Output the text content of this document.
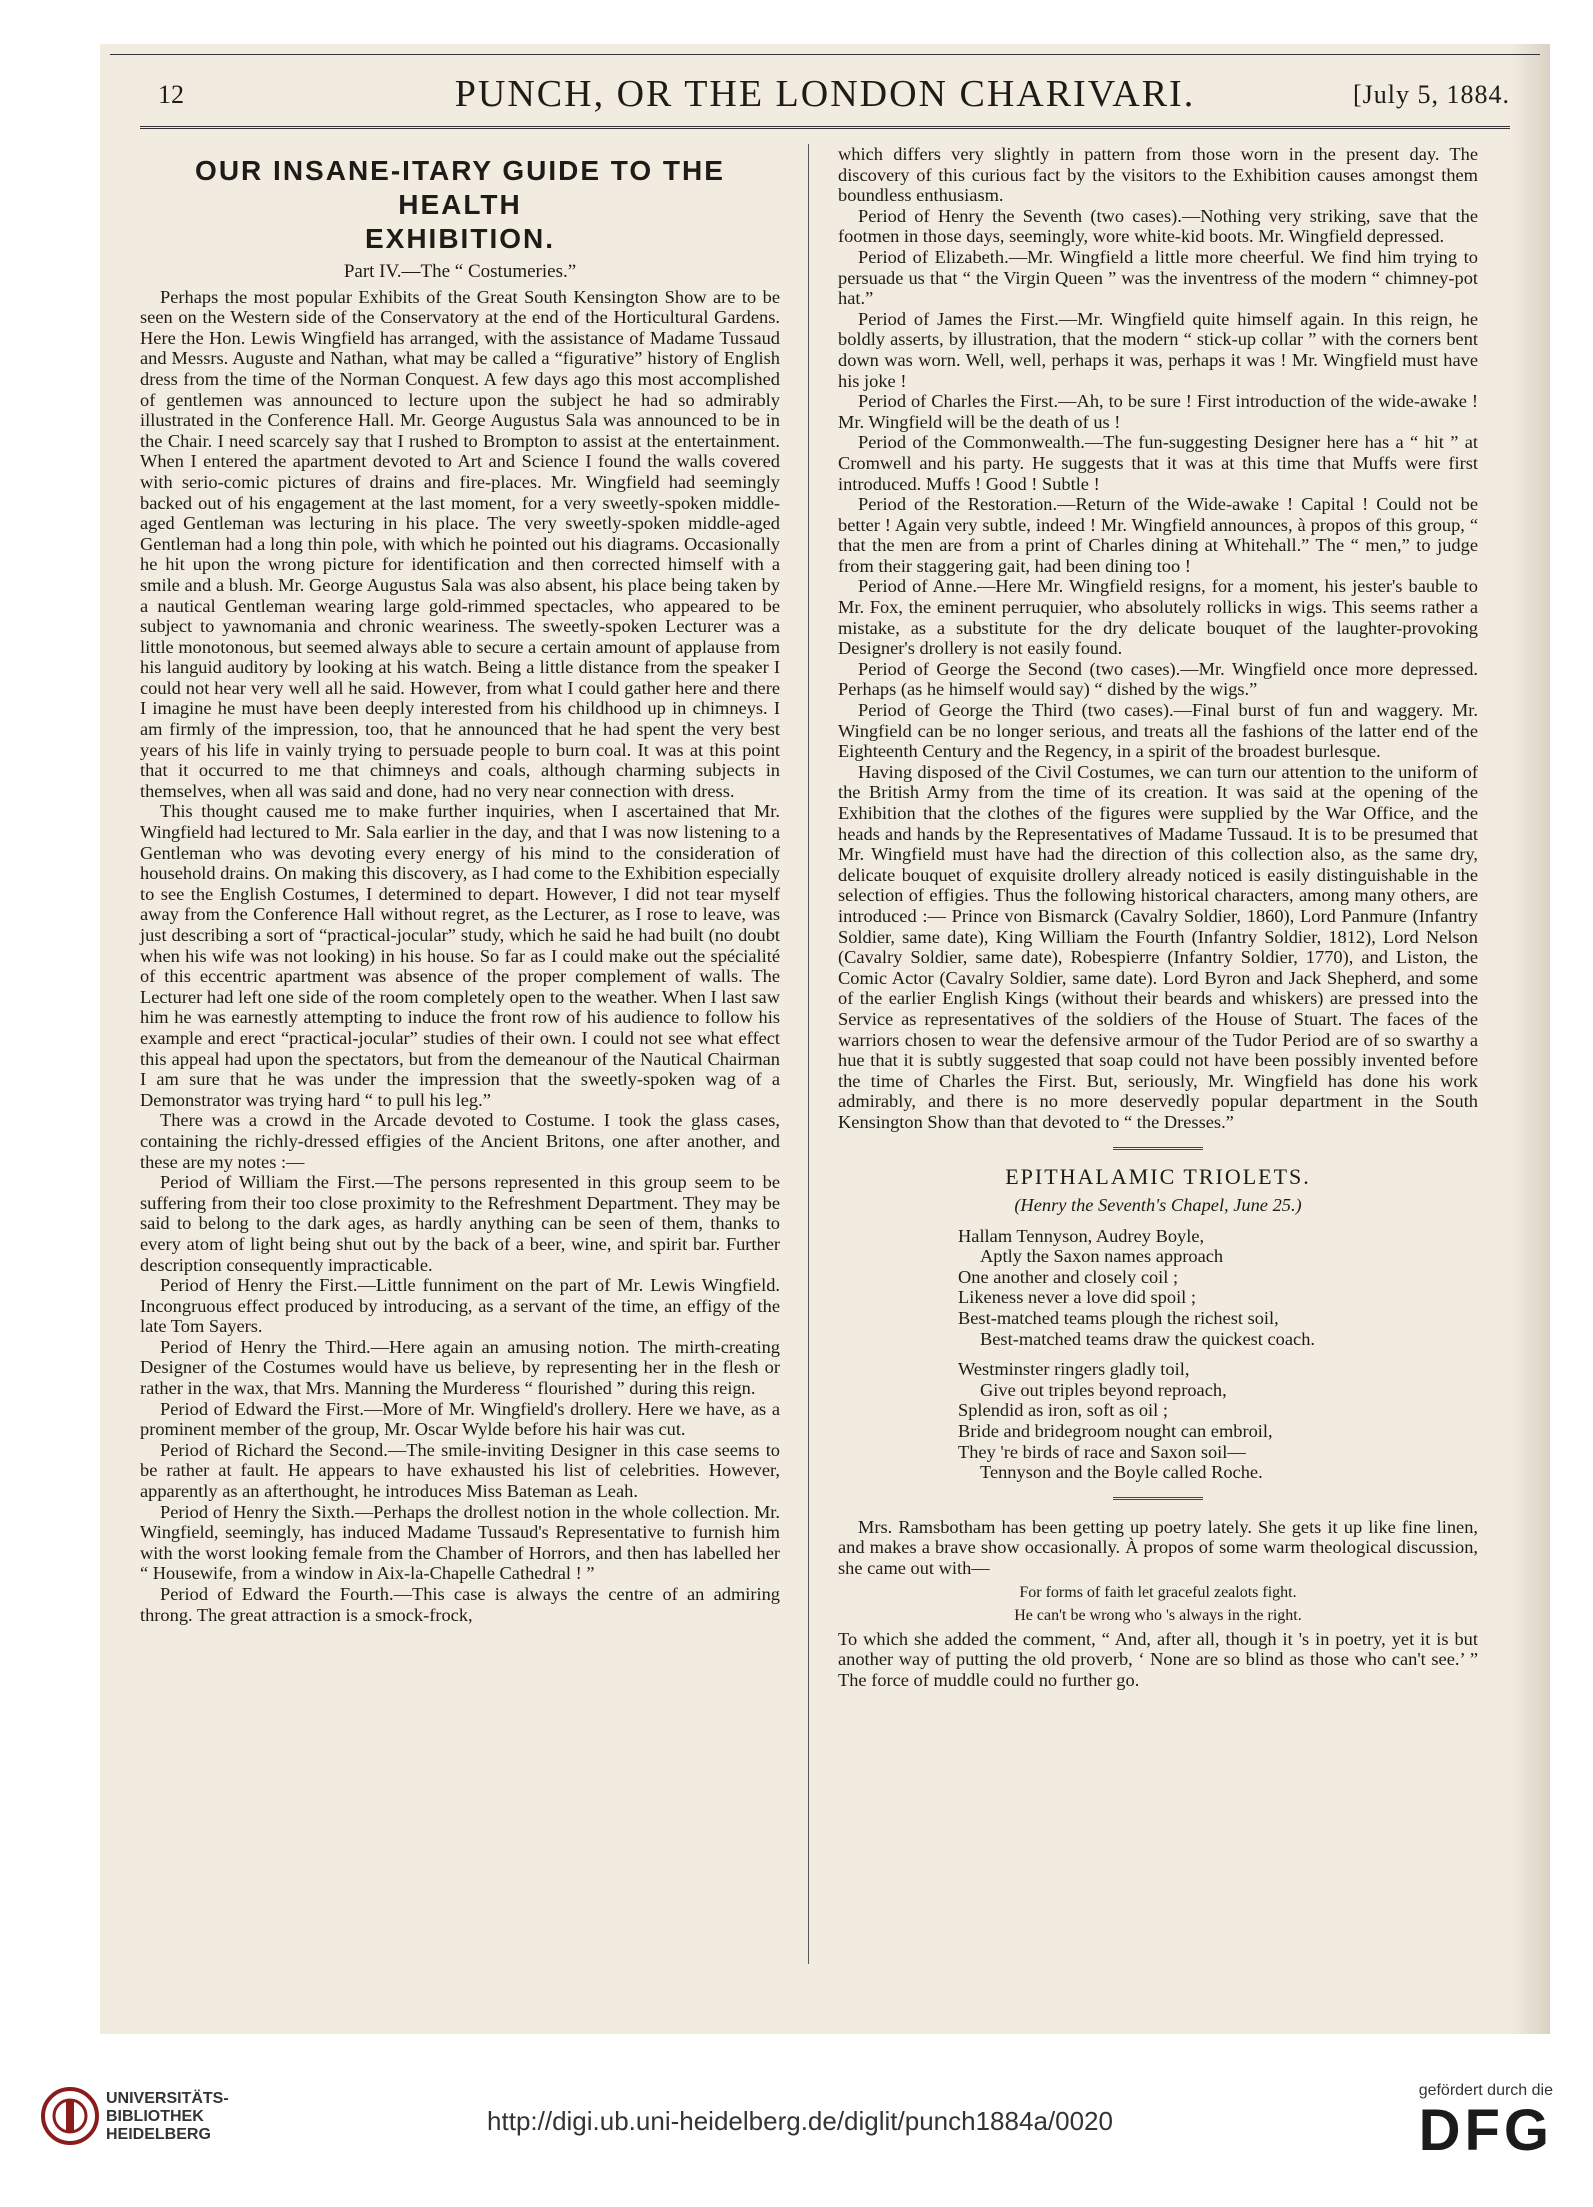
12	PUNCH, OR THE LONDON CHARIVARI.	[July 5, 1884.
OUR INSANE-ITARY GUIDE TO THE HEALTH
EXHIBITION.
Part IV.—The “ Costumeries.”

Perhaps the most popular Exhibits of the Great South Kensington Show are to be seen on the Western side of the Conservatory at the end of the Horticultural Gardens. Here the Hon. Lewis Wingfield has arranged, with the assistance of Madame Tussaud and Messrs. Auguste and Nathan, what may be called a “figurative” history of English dress from the time of the Norman Conquest. A few days ago this most accomplished of gentlemen was announced to lecture upon the subject he had so admirably illustrated in the Conference Hall. Mr. George Augustus Sala was announced to be in the Chair. I need scarcely say that I rushed to Brompton to assist at the entertainment. When I entered the apartment devoted to Art and Science I found the walls covered with serio-comic pictures of drains and fire-places. Mr. Wingfield had seemingly backed out of his engagement at the last moment, for a very sweetly-spoken middle-aged Gentleman was lecturing in his place. The very sweetly-spoken middle-aged Gentleman had a long thin pole, with which he pointed out his diagrams. Occasionally he hit upon the wrong picture for identification and then corrected himself with a smile and a blush. Mr. George Augustus Sala was also absent, his place being taken by a nautical Gentleman wearing large gold-rimmed spectacles, who appeared to be subject to yawnomania and chronic weariness. The sweetly-spoken Lecturer was a little monotonous, but seemed always able to secure a certain amount of applause from his languid auditory by looking at his watch. Being a little distance from the speaker I could not hear very well all he said. However, from what I could gather here and there I imagine he must have been deeply interested from his childhood up in chimneys. I am firmly of the impression, too, that he announced that he had spent the very best years of his life in vainly trying to persuade people to burn coal. It was at this point that it occurred to me that chimneys and coals, although charming subjects in themselves, when all was said and done, had no very near connection with dress.

This thought caused me to make further inquiries, when I ascertained that Mr. Wingfield had lectured to Mr. Sala earlier in the day, and that I was now listening to a Gentleman who was devoting every energy of his mind to the consideration of household drains. On making this discovery, as I had come to the Exhibition especially to see the English Costumes, I determined to depart. However, I did not tear myself away from the Conference Hall without regret, as the Lecturer, as I rose to leave, was just describing a sort of “practical-jocular” study, which he said he had built (no doubt when his wife was not looking) in his house. So far as I could make out the spécialité of this eccentric apartment was absence of the proper complement of walls. The Lecturer had left one side of the room completely open to the weather. When I last saw him he was earnestly attempting to induce the front row of his audience to follow his example and erect “practical-jocular” studies of their own. I could not see what effect this appeal had upon the spectators, but from the demeanour of the Nautical Chairman I am sure that he was under the impression that the sweetly-spoken wag of a Demonstrator was trying hard “ to pull his leg.”

There was a crowd in the Arcade devoted to Costume. I took the glass cases, containing the richly-dressed effigies of the Ancient Britons, one after another, and these are my notes :—

Period of William the First.—The persons represented in this group seem to be suffering from their too close proximity to the Refreshment Department. They may be said to belong to the dark ages, as hardly anything can be seen of them, thanks to every atom of light being shut out by the back of a beer, wine, and spirit bar. Further description consequently impracticable.

Period of Henry the First.—Little funniment on the part of Mr. Lewis Wingfield. Incongruous effect produced by introducing, as a servant of the time, an effigy of the late Tom Sayers.

Period of Henry the Third.—Here again an amusing notion. The mirth-creating Designer of the Costumes would have us believe, by representing her in the flesh or rather in the wax, that Mrs. Manning the Murderess “ flourished ” during this reign.

Period of Edward the First.—More of Mr. Wingfield's drollery. Here we have, as a prominent member of the group, Mr. Oscar Wylde before his hair was cut.

Period of Richard the Second.—The smile-inviting Designer in this case seems to be rather at fault. He appears to have exhausted his list of celebrities. However, apparently as an afterthought, he introduces Miss Bateman as Leah.

Period of Henry the Sixth.—Perhaps the drollest notion in the whole collection. Mr. Wingfield, seemingly, has induced Madame Tussaud's Representative to furnish him with the worst looking female from the Chamber of Horrors, and then has labelled her “ Housewife, from a window in Aix-la-Chapelle Cathedral ! ”

Period of Edward the Fourth.—This case is always the centre of an admiring throng. The great attraction is a smock-frock,

which differs very slightly in pattern from those worn in the present day. The discovery of this curious fact by the visitors to the Exhibition causes amongst them boundless enthusiasm.

Period of Henry the Seventh (two cases).—Nothing very striking, save that the footmen in those days, seemingly, wore white-kid boots. Mr. Wingfield depressed.

Period of Elizabeth.—Mr. Wingfield a little more cheerful. We find him trying to persuade us that “ the Virgin Queen ” was the inventress of the modern “ chimney-pot hat.”

Period of James the First.—Mr. Wingfield quite himself again. In this reign, he boldly asserts, by illustration, that the modern “ stick-up collar ” with the corners bent down was worn. Well, well, perhaps it was, perhaps it was ! Mr. Wingfield must have his joke !

Period of Charles the First.—Ah, to be sure ! First introduction of the wide-awake ! Mr. Wingfield will be the death of us !

Period of the Commonwealth.—The fun-suggesting Designer here has a “ hit ” at Cromwell and his party. He suggests that it was at this time that Muffs were first introduced. Muffs ! Good ! Subtle !

Period of the Restoration.—Return of the Wide-awake ! Capital ! Could not be better ! Again very subtle, indeed ! Mr. Wingfield announces, à propos of this group, “ that the men are from a print of Charles dining at Whitehall.” The “ men,” to judge from their staggering gait, had been dining too !

Period of Anne.—Here Mr. Wingfield resigns, for a moment, his jester's bauble to Mr. Fox, the eminent perruquier, who absolutely rollicks in wigs. This seems rather a mistake, as a substitute for the dry delicate bouquet of the laughter-provoking Designer's drollery is not easily found.

Period of George the Second (two cases).—Mr. Wingfield once more depressed. Perhaps (as he himself would say) “ dished by the wigs.”

Period of George the Third (two cases).—Final burst of fun and waggery. Mr. Wingfield can be no longer serious, and treats all the fashions of the latter end of the Eighteenth Century and the Regency, in a spirit of the broadest burlesque.

Having disposed of the Civil Costumes, we can turn our attention to the uniform of the British Army from the time of its creation. It was said at the opening of the Exhibition that the clothes of the figures were supplied by the War Office, and the heads and hands by the Representatives of Madame Tussaud. It is to be presumed that Mr. Wingfield must have had the direction of this collection also, as the same dry, delicate bouquet of exquisite drollery already noticed is easily distinguishable in the selection of effigies. Thus the following historical characters, among many others, are introduced :— Prince von Bismarck (Cavalry Soldier, 1860), Lord Panmure (Infantry Soldier, same date), King William the Fourth (Infantry Soldier, 1812), Lord Nelson (Cavalry Soldier, same date), Robespierre (Infantry Soldier, 1770), and Liston, the Comic Actor (Cavalry Soldier, same date). Lord Byron and Jack Shepherd, and some of the earlier English Kings (without their beards and whiskers) are pressed into the Service as representatives of the soldiers of the House of Stuart. The faces of the warriors chosen to wear the defensive armour of the Tudor Period are of so swarthy a hue that it is subtly suggested that soap could not have been possibly invented before the time of Charles the First. But, seriously, Mr. Wingfield has done his work admirably, and there is no more deservedly popular department in the South Kensington Show than that devoted to “ the Dresses.”

EPITHALAMIC TRIOLETS.
(Henry the Seventh's Chapel, June 25.)
Hallam Tennyson, Audrey Boyle,
Aptly the Saxon names approach
One another and closely coil ;
Likeness never a love did spoil ;
Best-matched teams plough the richest soil,
Best-matched teams draw the quickest coach.
Westminster ringers gladly toil,
Give out triples beyond reproach,
Splendid as iron, soft as oil ;
Bride and bridegroom nought can embroil,
They 're birds of race and Saxon soil—
Tennyson and the Boyle called Roche.

Mrs. Ramsbotham has been getting up poetry lately. She gets it up like fine linen, and makes a brave show occasionally. À propos of some warm theological discussion, she came out with—

For forms of faith let graceful zealots fight.
He can't be wrong who 's always in the right.

To which she added the comment, “ And, after all, though it 's in poetry, yet it is but another way of putting the old proverb, ‘ None are so blind as those who can't see.’ ” The force of muddle could no further go.

UNIVERSITÄTS-
BIBLIOTHEK
HEIDELBERG	http://digi.ub.uni-heidelberg.de/diglit/punch1884a/0020
gefördert durch die
DFG
